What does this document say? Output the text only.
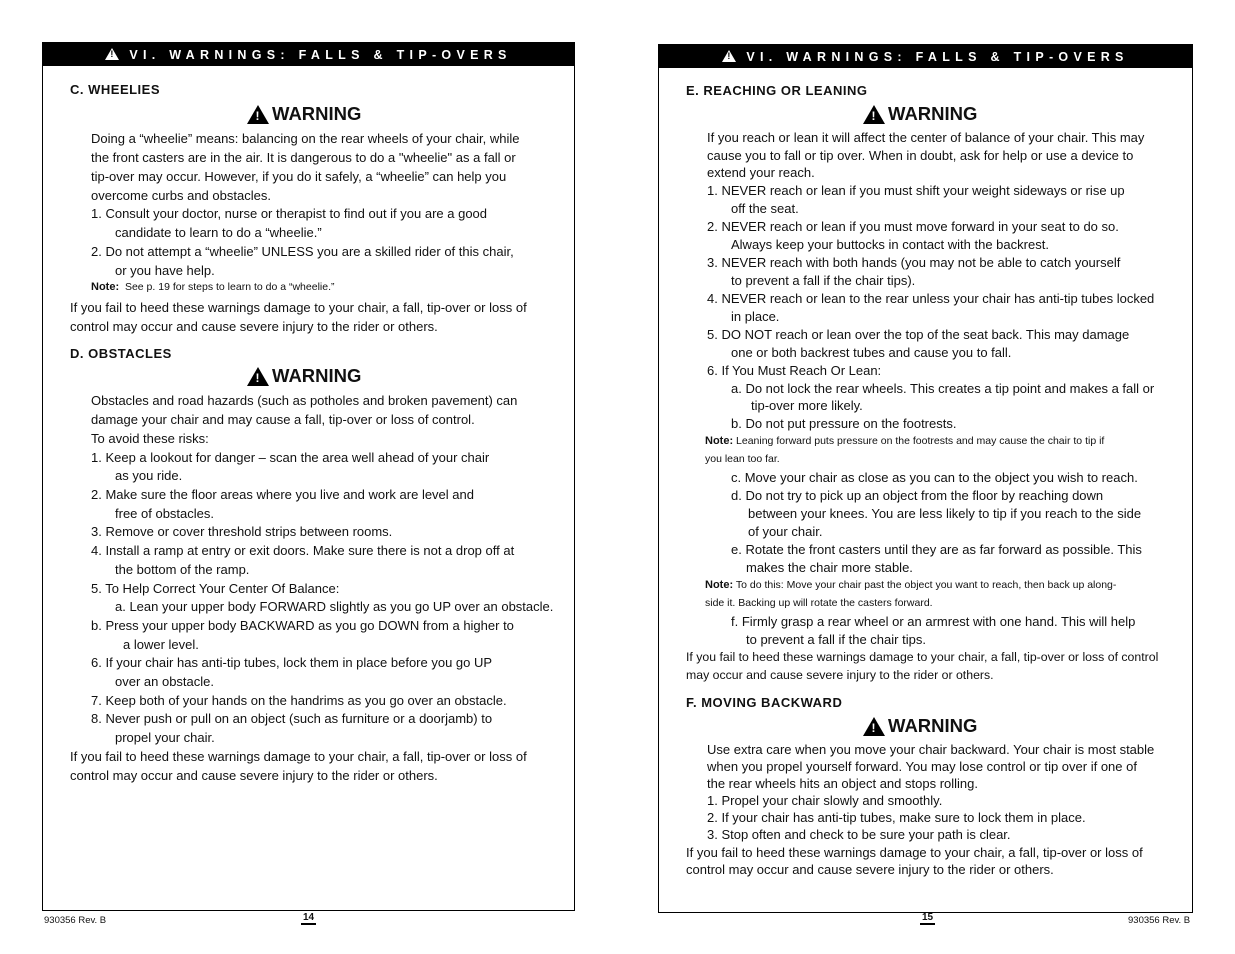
!
VI. WARNINGS: FALLS & TIP-OVERS
C. WHEELIES
!
WARNING
Doing a “wheelie” means: balancing on the rear wheels of your chair, while
the front casters are in the air. It is dangerous to do a "wheelie" as a fall or
tip-over may occur. However, if you do it safely, a “wheelie” can help you
overcome curbs and obstacles.
1. Consult your doctor, nurse or therapist to find out if you are a good
candidate to learn to do a “wheelie.”
2. Do not attempt a “wheelie” UNLESS you are a skilled rider of this chair,
or you have help.
Note: See p. 19 for steps to learn to do a “wheelie.”
If you fail to heed these warnings damage to your chair, a fall, tip-over or loss of
control may occur and cause severe injury to the rider or others.
D. OBSTACLES
!
WARNING
Obstacles and road hazards (such as potholes and broken pavement) can
damage your chair and may cause a fall, tip-over or loss of control.
To avoid these risks:
1. Keep a lookout for danger – scan the area well ahead of your chair
as you ride.
2. Make sure the floor areas where you live and work are level and
free of obstacles.
3. Remove or cover threshold strips between rooms.
4. Install a ramp at entry or exit doors. Make sure there is not a drop off at
the bottom of the ramp.
5. To Help Correct Your Center Of Balance:
a. Lean your upper body FORWARD slightly as you go UP over an obstacle.
b. Press your upper body BACKWARD as you go DOWN from a higher to
a lower level.
6. If your chair has anti-tip tubes, lock them in place before you go UP
over an obstacle.
7. Keep both of your hands on the handrims as you go over an obstacle.
8. Never push or pull on an object (such as furniture or a doorjamb) to
propel your chair.
If you fail to heed these warnings damage to your chair, a fall, tip-over or loss of
control may occur and cause severe injury to the rider or others.
930356 Rev. B	14
!
VI. WARNINGS: FALLS & TIP-OVERS
E. REACHING OR LEANING
!
WARNING
If you reach or lean it will affect the center of balance of your chair. This may
cause you to fall or tip over. When in doubt, ask for help or use a device to
extend your reach.
1. NEVER reach or lean if you must shift your weight sideways or rise up
off the seat.
2. NEVER reach or lean if you must move forward in your seat to do so.
Always keep your buttocks in contact with the backrest.
3. NEVER reach with both hands (you may not be able to catch yourself
to prevent a fall if the chair tips).
4. NEVER reach or lean to the rear unless your chair has anti-tip tubes locked
in place.
5. DO NOT reach or lean over the top of the seat back. This may damage
one or both backrest tubes and cause you to fall.
6. If You Must Reach Or Lean:
a. Do not lock the rear wheels. This creates a tip point and makes a fall or
tip-over more likely.
b. Do not put pressure on the footrests.
Note: Leaning forward puts pressure on the footrests and may cause the chair to tip if
you lean too far.
c. Move your chair as close as you can to the object you wish to reach.
d. Do not try to pick up an object from the floor by reaching down
between your knees. You are less likely to tip if you reach to the side
of your chair.
e. Rotate the front casters until they are as far forward as possible. This
makes the chair more stable.
Note: To do this: Move your chair past the object you want to reach, then back up along-
side it. Backing up will rotate the casters forward.
f. Firmly grasp a rear wheel or an armrest with one hand. This will help
to prevent a fall if the chair tips.
If you fail to heed these warnings damage to your chair, a fall, tip-over or loss of control
may occur and cause severe injury to the rider or others.
F. MOVING BACKWARD
!
WARNING
Use extra care when you move your chair backward. Your chair is most stable
when you propel yourself forward. You may lose control or tip over if one of
the rear wheels hits an object and stops rolling.
1. Propel your chair slowly and smoothly.
2. If your chair has anti-tip tubes, make sure to lock them in place.
3. Stop often and check to be sure your path is clear.
If you fail to heed these warnings damage to your chair, a fall, tip-over or loss of
control may occur and cause severe injury to the rider or others.
15	930356 Rev. B
